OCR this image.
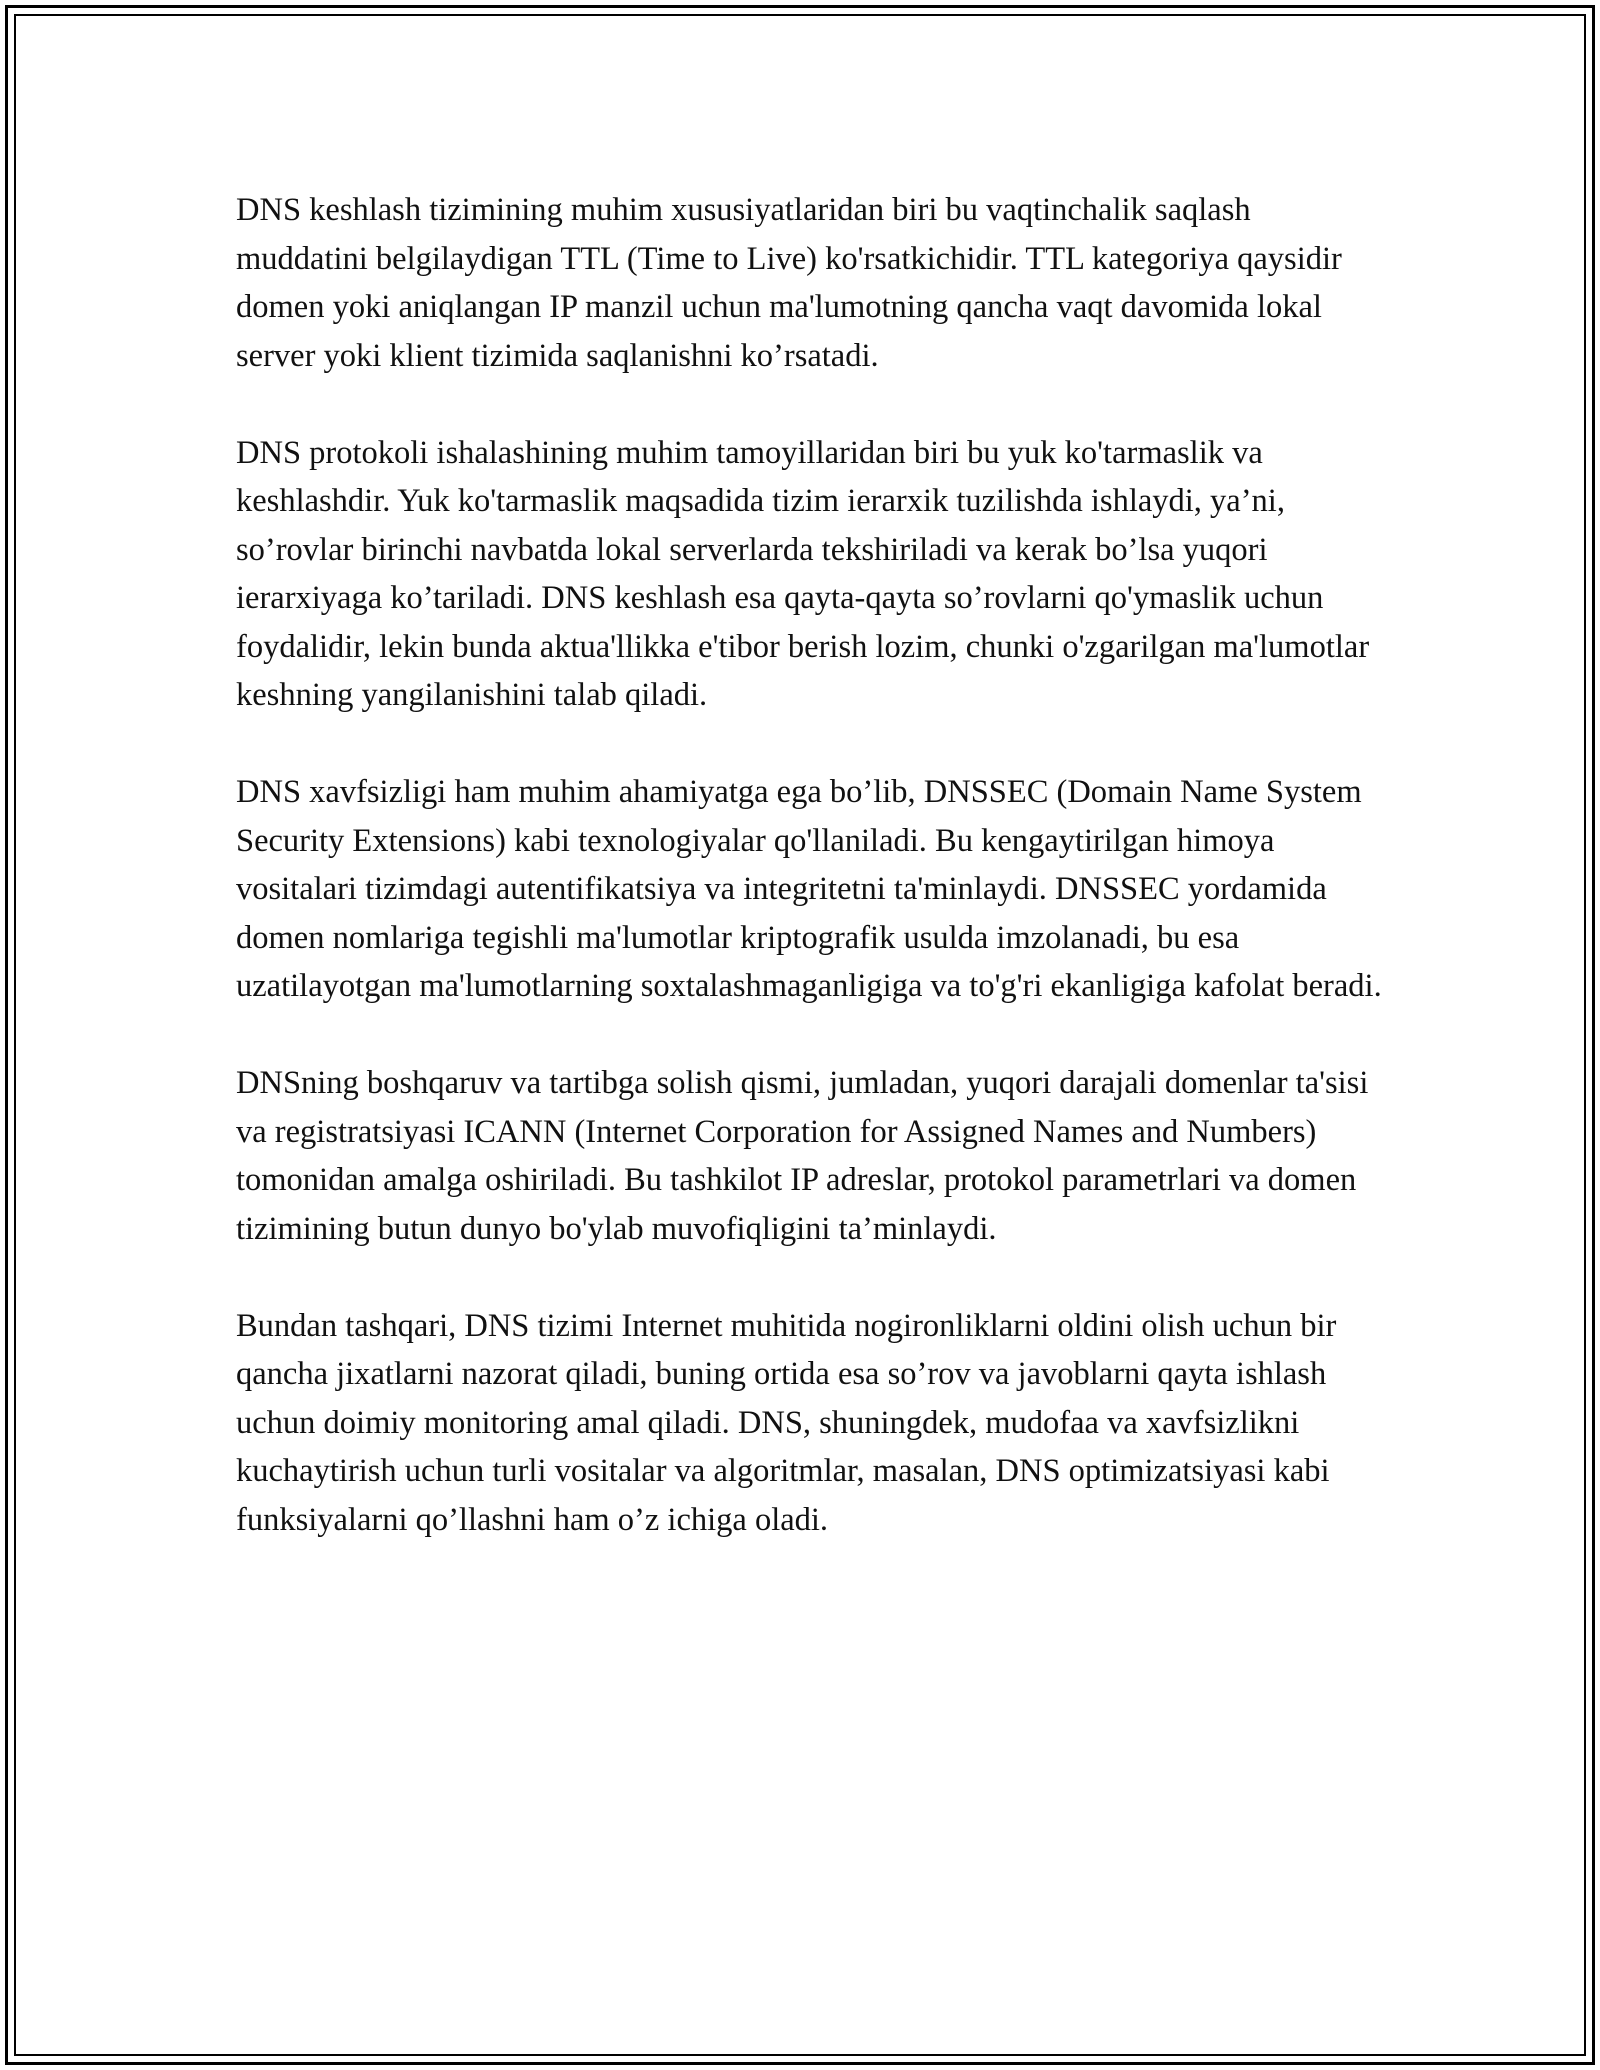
DNS keshlash tizimining muhim xususiyatlaridan biri bu vaqtinchalik saqlash muddatini belgilaydigan TTL (Time to Live) ko'rsatkichidir. TTL kategoriya qaysidir domen yoki aniqlangan IP manzil uchun ma'lumotning qancha vaqt davomida lokal server yoki klient tizimida saqlanishni ko’rsatadi.

DNS protokoli ishalashining muhim tamoyillaridan biri bu yuk ko'tarmaslik va keshlashdir. Yuk ko'tarmaslik maqsadida tizim ierarxik tuzilishda ishlaydi, ya’ni, so’rovlar birinchi navbatda lokal serverlarda tekshiriladi va kerak bo’lsa yuqori ierarxiyaga ko’tariladi. DNS keshlash esa qayta-qayta so’rovlarni qo'ymaslik uchun foydalidir, lekin bunda aktua'llikka e'tibor berish lozim, chunki o'zgarilgan ma'lumotlar keshning yangilanishini talab qiladi.

DNS xavfsizligi ham muhim ahamiyatga ega bo’lib, DNSSEC (Domain Name System Security Extensions) kabi texnologiyalar qo'llaniladi. Bu kengaytirilgan himoya vositalari tizimdagi autentifikatsiya va integritetni ta'minlaydi. DNSSEC yordamida domen nomlariga tegishli ma'lumotlar kriptografik usulda imzolanadi, bu esa uzatilayotgan ma'lumotlarning soxtalashmaganligiga va to'g'ri ekanligiga kafolat beradi.

DNSning boshqaruv va tartibga solish qismi, jumladan, yuqori darajali domenlar ta'sisi va registratsiyasi ICANN (Internet Corporation for Assigned Names and Numbers) tomonidan amalga oshiriladi. Bu tashkilot IP adreslar, protokol parametrlari va domen tizimining butun dunyo bo'ylab muvofiqligini ta’minlaydi.

Bundan tashqari, DNS tizimi Internet muhitida nogironliklarni oldini olish uchun bir qancha jixatlarni nazorat qiladi, buning ortida esa so’rov va javoblarni qayta ishlash uchun doimiy monitoring amal qiladi. DNS, shuningdek, mudofaa va xavfsizlikni kuchaytirish uchun turli vositalar va algoritmlar, masalan, DNS optimizatsiyasi kabi funksiyalarni qo’llashni ham o’z ichiga oladi.
